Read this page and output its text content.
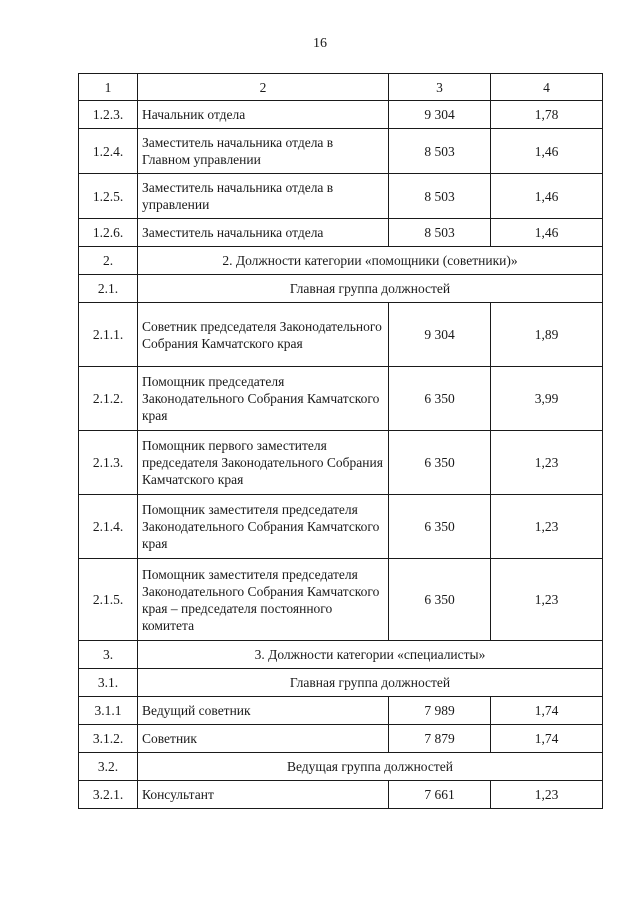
16
1	2	3	4
1.2.3.	Начальник отдела	9 304	1,78
1.2.4.	Заместитель начальника отдела в Главном управлении	8 503	1,46
1.2.5.	Заместитель начальника отдела в управлении	8 503	1,46
1.2.6.	Заместитель начальника отдела	8 503	1,46
2.	2. Должности категории «помощники (советники)»		
2.1.	Главная группа должностей		
2.1.1.	Советник председателя Законодательного Собрания Камчатского края	9 304	1,89
2.1.2.	Помощник председателя Законодательного Собрания Камчатского края	6 350	3,99
2.1.3.	Помощник первого заместителя председателя Законодательного Собрания Камчатского края	6 350	1,23
2.1.4.	Помощник заместителя председателя Законодательного Собрания Камчатского края	6 350	1,23
2.1.5.	Помощник заместителя председателя Законодательного Собрания Камчатского края – председателя постоянного комитета	6 350	1,23
3.	3. Должности категории «специалисты»		
3.1.	Главная группа должностей		
3.1.1	Ведущий советник	7 989	1,74
3.1.2.	Советник	7 879	1,74
3.2.	Ведущая группа должностей		
3.2.1.	Консультант	7 661	1,23
